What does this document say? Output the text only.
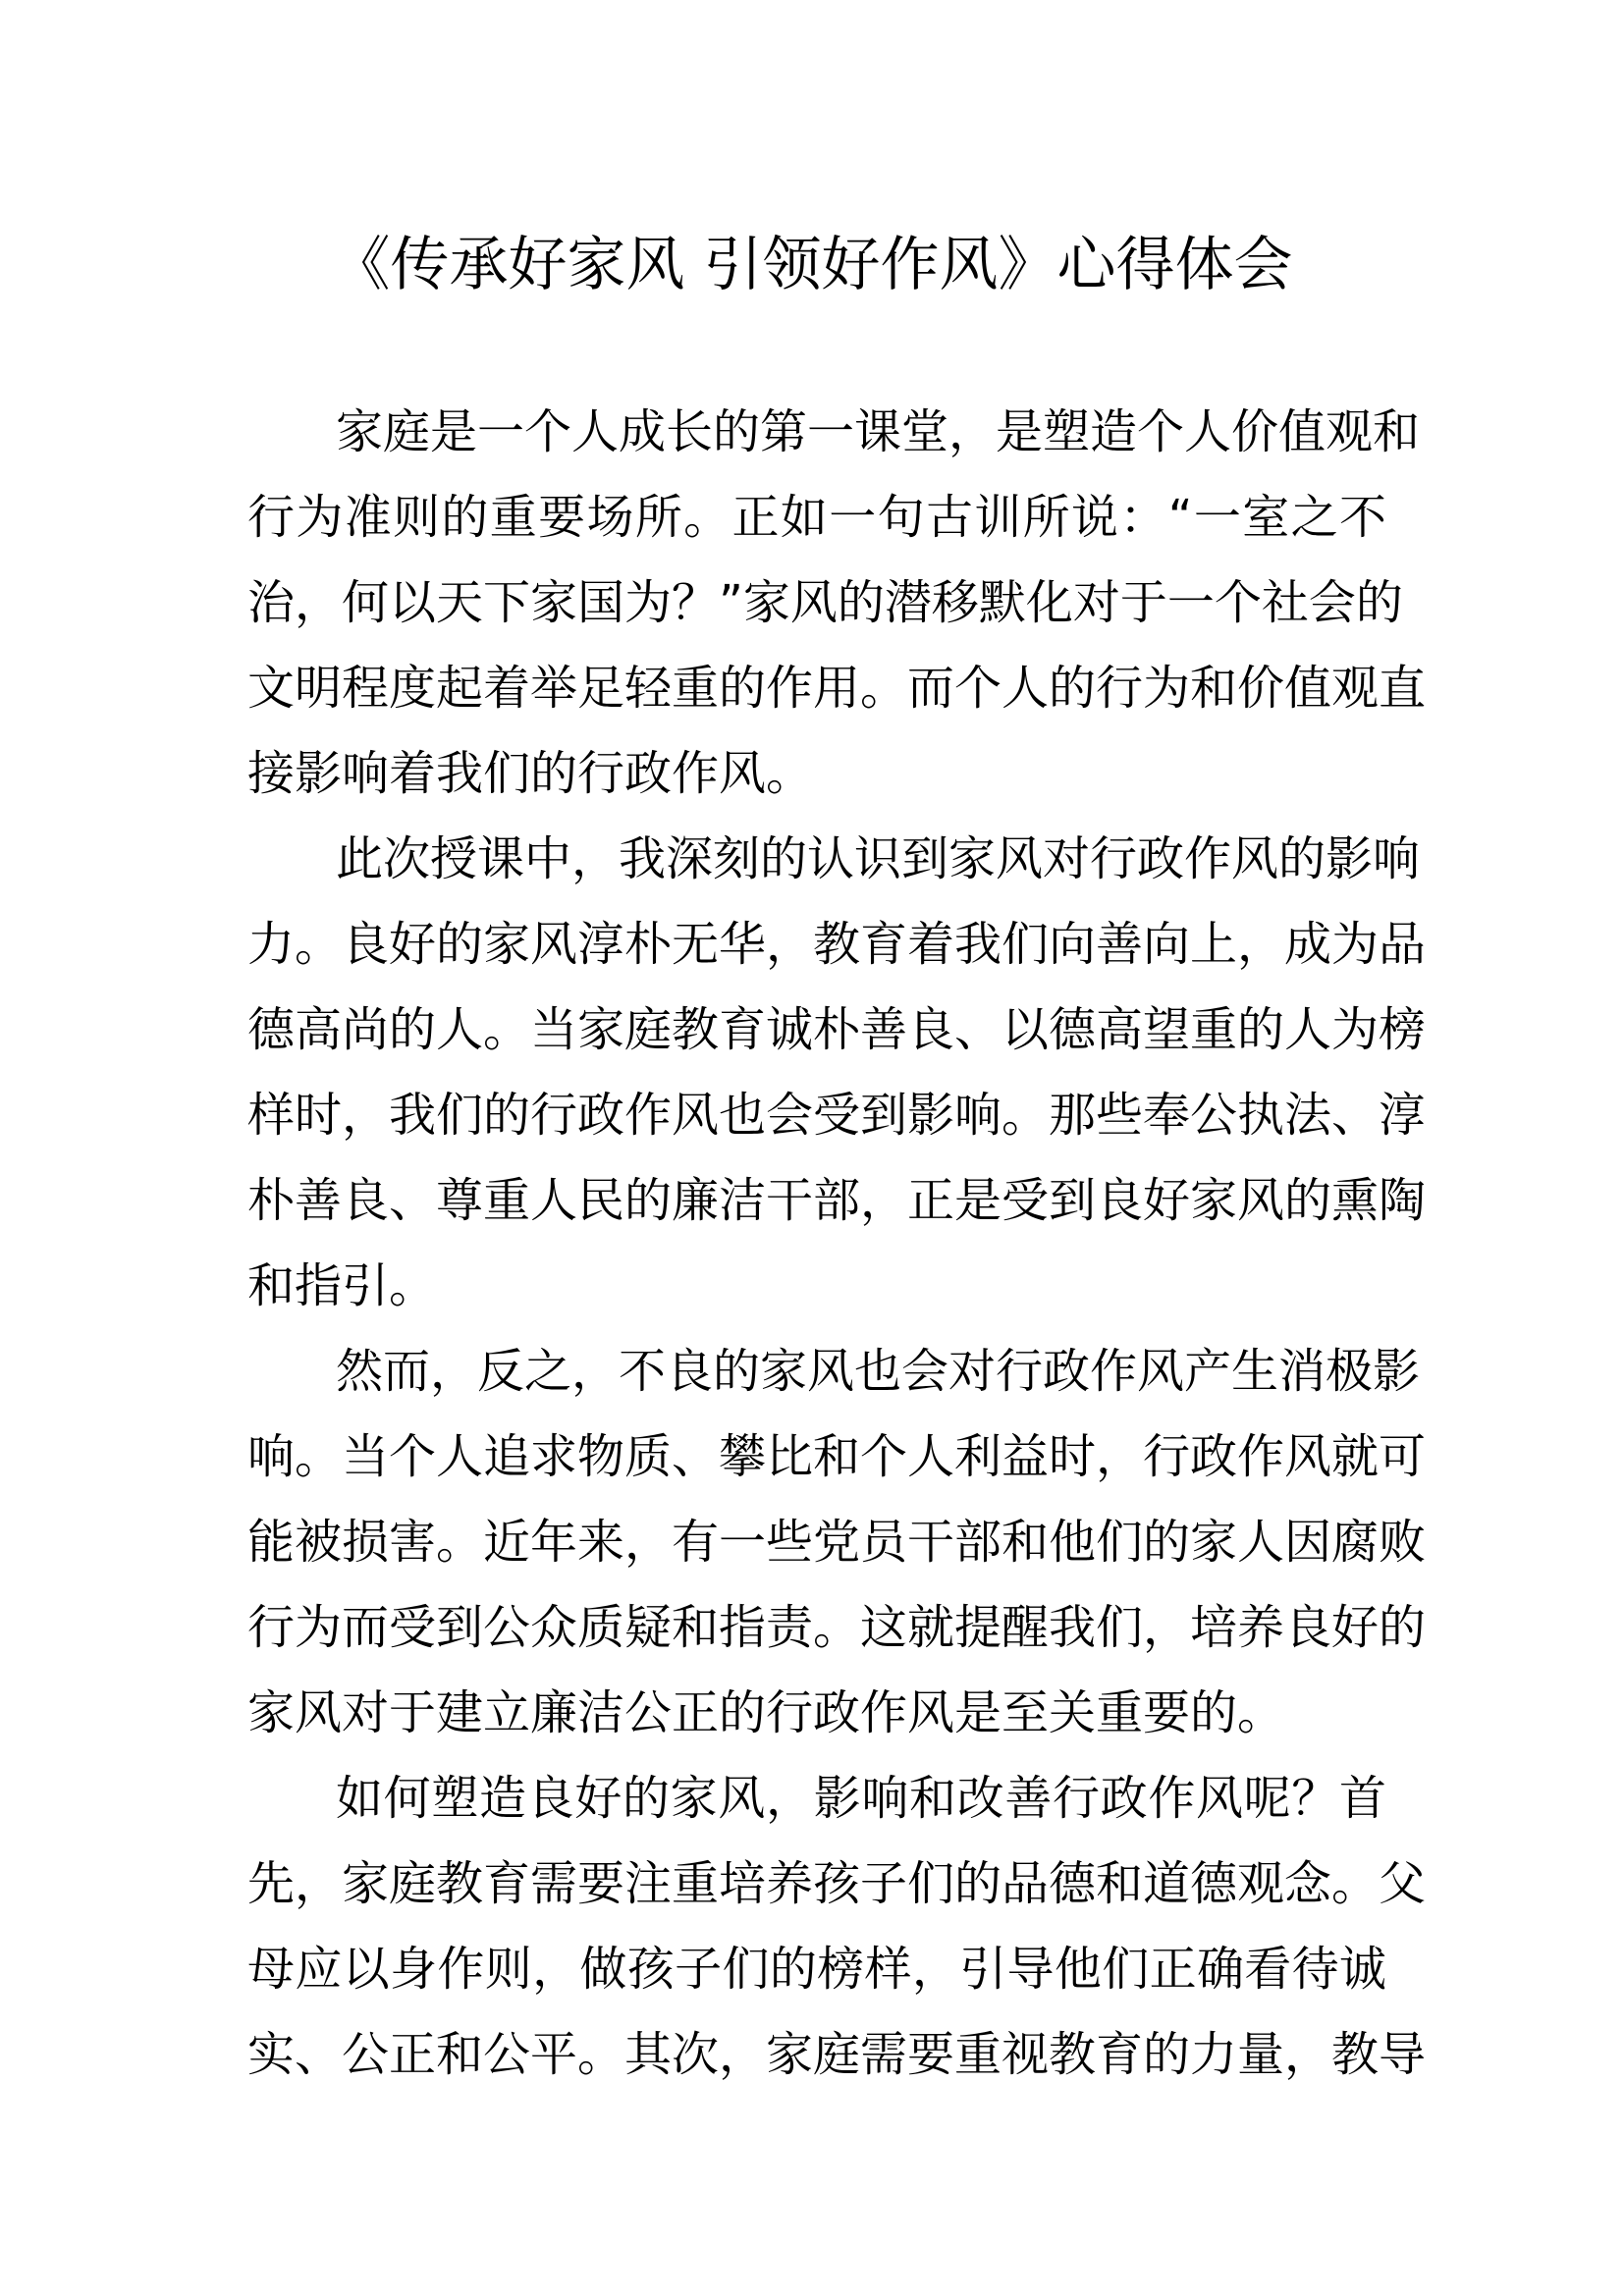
《传承好家风 引领好作风》心得体会
家庭是一个人成长的第一课堂，是塑造个人价值观和
行为准则的重要场所。正如一句古训所说：“一室之不
治，何以天下家国为？”家风的潜移默化对于一个社会的
文明程度起着举足轻重的作用。而个人的行为和价值观直
接影响着我们的行政作风。
此次授课中，我深刻的认识到家风对行政作风的影响
力。良好的家风淳朴无华，教育着我们向善向上，成为品
德高尚的人。当家庭教育诚朴善良、以德高望重的人为榜
样时，我们的行政作风也会受到影响。那些奉公执法、淳
朴善良、尊重人民的廉洁干部，正是受到良好家风的熏陶
和指引。
然而，反之，不良的家风也会对行政作风产生消极影
响。当个人追求物质、攀比和个人利益时，行政作风就可
能被损害。近年来，有一些党员干部和他们的家人因腐败
行为而受到公众质疑和指责。这就提醒我们，培养良好的
家风对于建立廉洁公正的行政作风是至关重要的。
如何塑造良好的家风，影响和改善行政作风呢？首
先，家庭教育需要注重培养孩子们的品德和道德观念。父
母应以身作则，做孩子们的榜样，引导他们正确看待诚
实、公正和公平。其次，家庭需要重视教育的力量，教导
